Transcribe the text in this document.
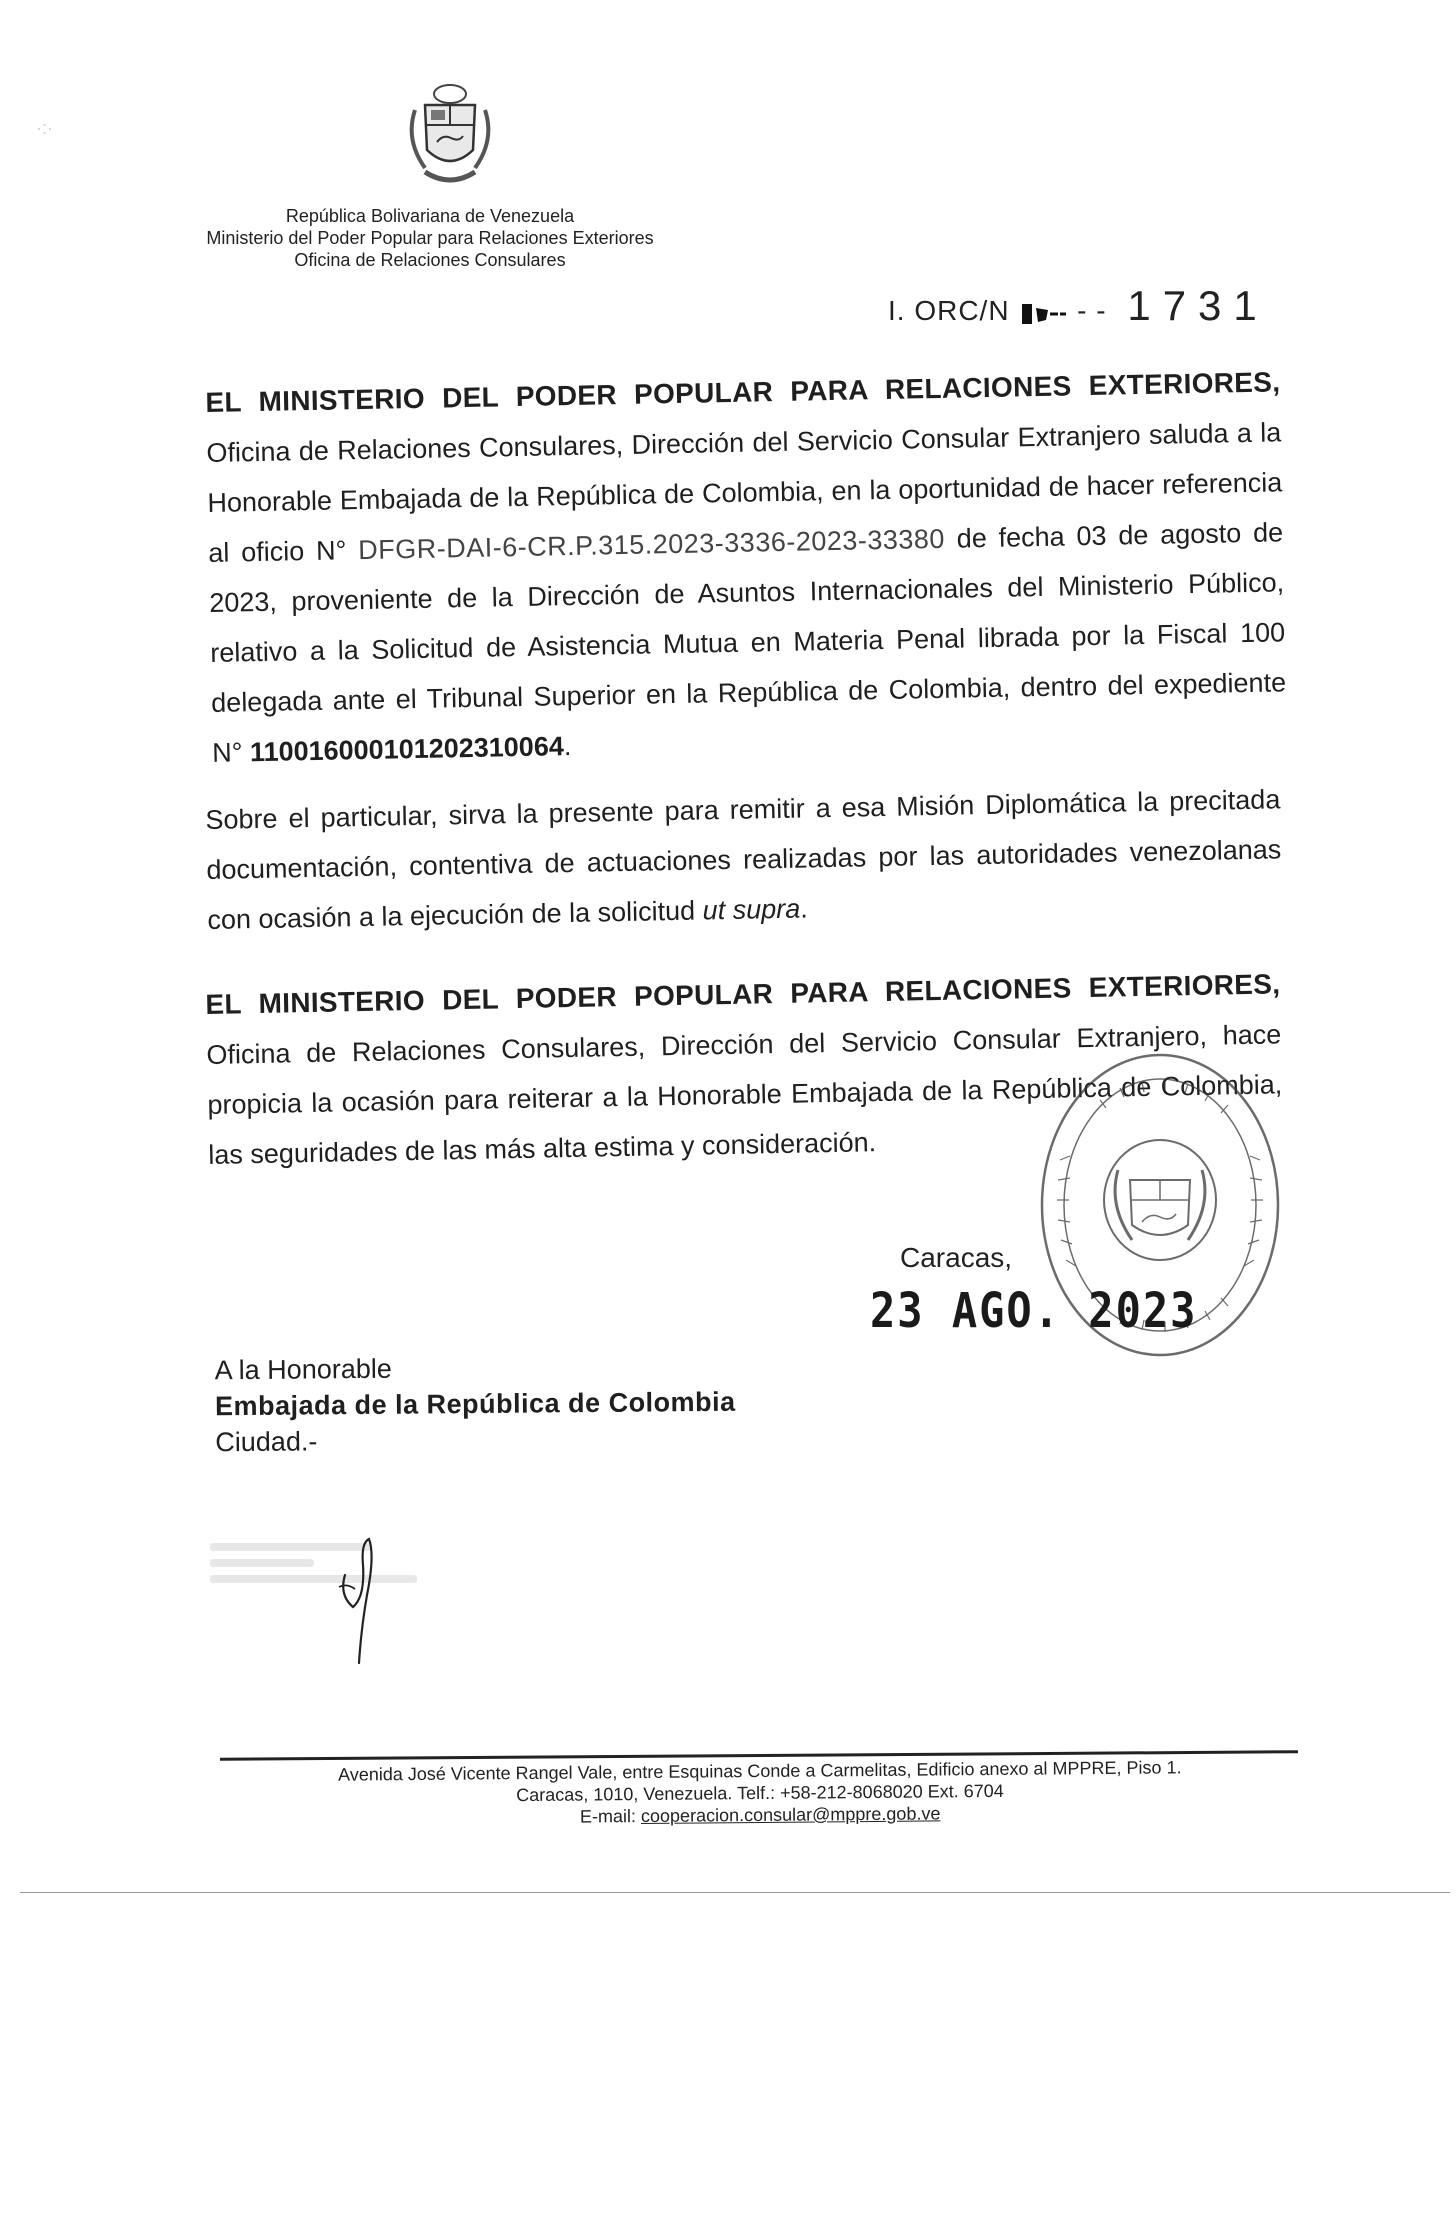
·:·
República Bolivariana de Venezuela
Ministerio del Poder Popular para Relaciones Exteriores
Oficina de Relaciones Consulares
I. ORC/N - - 1731
EL MINISTERIO DEL PODER POPULAR PARA RELACIONES EXTERIORES, Oficina de Relaciones Consulares, Dirección del Servicio Consular Extranjero saluda a la Honorable Embajada de la República de Colombia, en la oportunidad de hacer referencia al oficio N° DFGR-DAI-6-CR.P.315.2023-3336-2023-33380 de fecha 03 de agosto de 2023, proveniente de la Dirección de Asuntos Internacionales del Ministerio Público, relativo a la Solicitud de Asistencia Mutua en Materia Penal librada por la Fiscal 100 delegada ante el Tribunal Superior en la República de Colombia, dentro del expediente N° 110016000101202310064.
Sobre el particular, sirva la presente para remitir a esa Misión Diplomática la precitada documentación, contentiva de actuaciones realizadas por las autoridades venezolanas con ocasión a la ejecución de la solicitud ut supra.
EL MINISTERIO DEL PODER POPULAR PARA RELACIONES EXTERIORES, Oficina de Relaciones Consulares, Dirección del Servicio Consular Extranjero, hace propicia la ocasión para reiterar a la Honorable Embajada de la República de Colombia, las seguridades de las más alta estima y consideración.
Caracas,
23 AGO. 2023
A la Honorable
Embajada de la República de Colombia
Ciudad.-
Avenida José Vicente Rangel Vale, entre Esquinas Conde a Carmelitas, Edificio anexo al MPPRE, Piso 1.
Caracas, 1010, Venezuela. Telf.: +58-212-8068020 Ext. 6704
E-mail: cooperacion.consular@mppre.gob.ve
